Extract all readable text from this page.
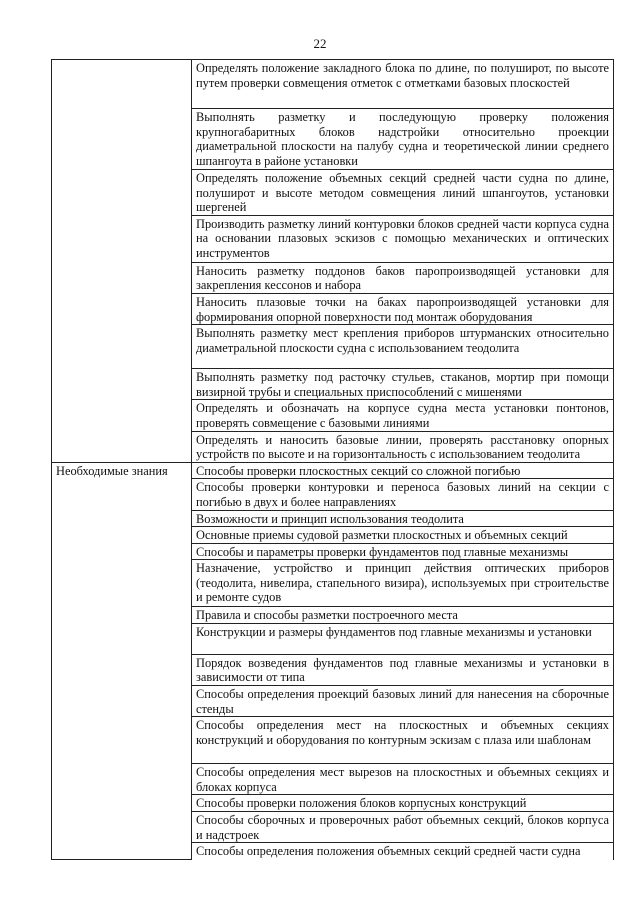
22
	Определять положение закладного блока по длине, по полуширот, по высоте путем проверки совмещения отметок с отметками базовых плоскостей
	Выполнять разметку и последующую проверку положения крупногабаритных блоков надстройки относительно проекции диаметральной плоскости на палубу судна и теоретической линии среднего шпангоута в районе установки
	Определять положение объемных секций средней части судна по длине, полуширот и высоте методом совмещения линий шпангоутов, установки шергеней
	Производить разметку линий контуровки блоков средней части корпуса судна на основании плазовых эскизов с помощью механических и оптических инструментов
	Наносить разметку поддонов баков паропроизводящей установки для закрепления кессонов и набора
	Наносить плазовые точки на баках паропроизводящей установки для формирования опорной поверхности под монтаж оборудования
	Выполнять разметку мест крепления приборов штурманских относительно диаметральной плоскости судна с использованием теодолита
	Выполнять разметку под расточку стульев, стаканов, мортир при помощи визирной трубы и специальных приспособлений с мишенями
	Определять и обозначать на корпусе судна места установки понтонов, проверять совмещение с базовыми линиями
	Определять и наносить базовые линии, проверять расстановку опорных устройств по высоте и на горизонтальность с использованием теодолита
Необходимые знания	Способы проверки плоскостных секций со сложной погибью
	Способы проверки контуровки и переноса базовых линий на секции с погибью в двух и более направлениях
	Возможности и принцип использования теодолита
	Основные приемы судовой разметки плоскостных и объемных секций
	Способы и параметры проверки фундаментов под главные механизмы
	Назначение, устройство и принцип действия оптических приборов (теодолита, нивелира, стапельного визира), используемых при строительстве и ремонте судов
	Правила и способы разметки построечного места
	Конструкции и размеры фундаментов под главные механизмы и установки
	Порядок возведения фундаментов под главные механизмы и установки в зависимости от типа
	Способы определения проекций базовых линий для нанесения на сборочные стенды
	Способы определения мест на плоскостных и объемных секциях конструкций и оборудования по контурным эскизам с плаза или шаблонам
	Способы определения мест вырезов на плоскостных и объемных секциях и блоках корпуса
	Способы проверки положения блоков корпусных конструкций
	Способы сборочных и проверочных работ объемных секций, блоков корпуса и надстроек
	Способы определения положения объемных секций средней части судна
